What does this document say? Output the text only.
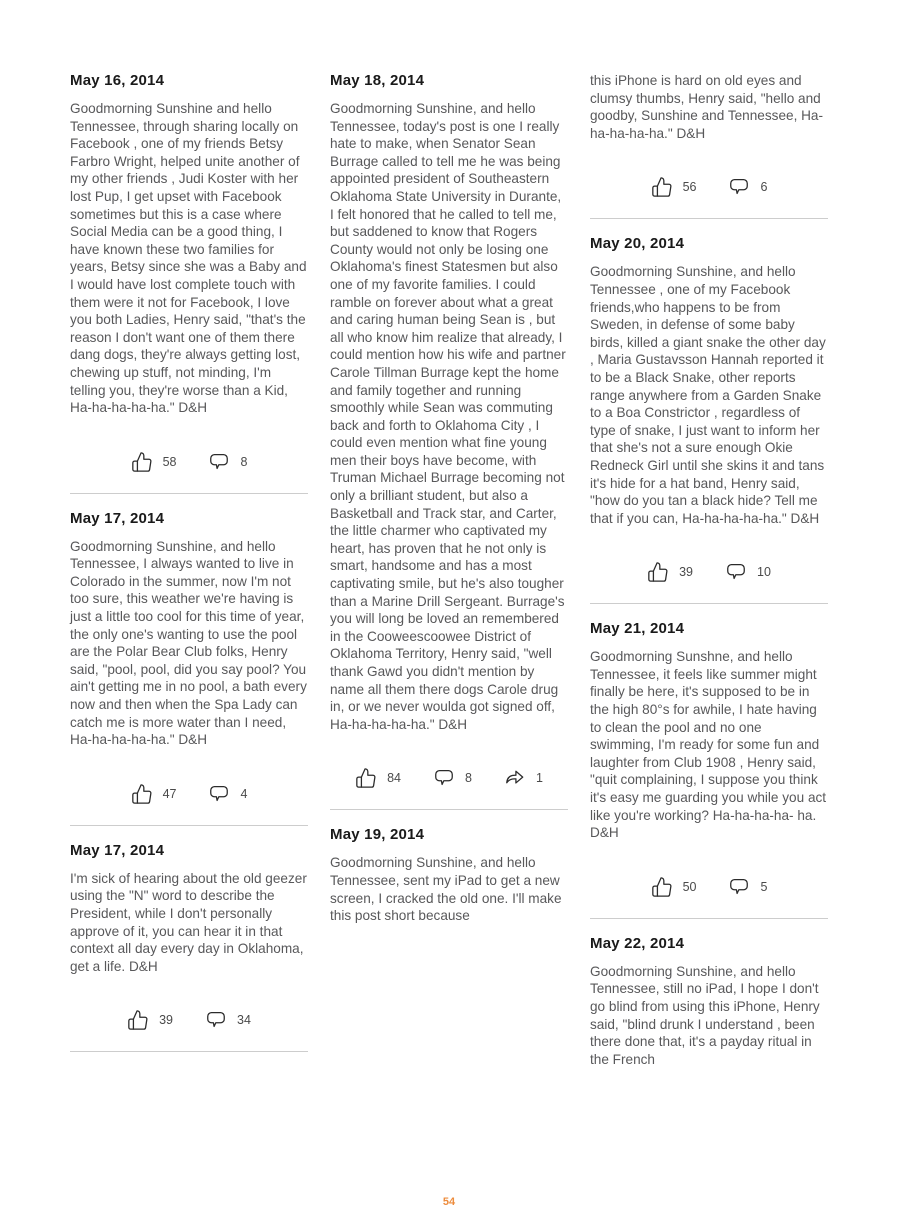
May 16, 2014

Goodmorning Sunshine and hello Tennessee, through sharing locally on Facebook , one of my friends Betsy Farbro Wright, helped unite another of my other friends , Judi Koster with her lost Pup, I get upset with Facebook sometimes but this is a case where Social Media can be a good thing, I have known these two families for years, Betsy since she was a Baby and I would have lost complete touch with them were it not for Facebook, I love you both Ladies, Henry said, "that's the reason I don't want one of them there dang dogs, they're always getting lost, chewing up stuff, not minding, I'm telling you, they're worse than a Kid, Ha-ha-ha-ha-ha." D&H

58	8
May 17, 2014

Goodmorning Sunshine, and hello Tennessee, I always wanted to live in Colorado in the summer, now I'm not too sure, this weather we're having is just a little too cool for this time of year, the only one's wanting to use the pool are the Polar Bear Club folks, Henry said, "pool, pool, did you say pool? You ain't getting me in no pool, a bath every now and then when the Spa Lady can catch me is more water than I need, Ha-ha-ha-ha-ha." D&H

47	4
May 17, 2014

I'm sick of hearing about the old geezer using the "N" word to describe the President, while I don't personally approve of it, you can hear it in that context all day every day in Oklahoma, get a life. D&H

39	34
May 18, 2014

Goodmorning Sunshine, and hello Tennessee, today's post is one I really hate to make, when Senator Sean Burrage called to tell me he was being appointed president of Southeastern Oklahoma State University in Durante, I felt honored that he called to tell me, but saddened to know that Rogers County would not only be losing one Oklahoma's finest Statesmen but also one of my favorite families. I could ramble on forever about what a great and caring human being Sean is , but all who know him realize that already, I could mention how his wife and partner Carole Tillman Burrage kept the home and family together and running smoothly while Sean was commuting back and forth to Oklahoma City , I could even mention what fine young men their boys have become, with Truman Michael Burrage becoming not only a brilliant student, but also a Basketball and Track star, and Carter, the little charmer who captivated my heart, has proven that he not only is smart, handsome and has a most captivating smile, but he's also tougher than a Marine Drill Sergeant. Burrage's you will long be loved an remembered in the Cooweescoowee District of Oklahoma Territory, Henry said, "well thank Gawd you didn't mention by name all them there dogs Carole drug in, or we never woulda got signed off, Ha-ha-ha-ha-ha." D&H

84	8	1
May 19, 2014

Goodmorning Sunshine, and hello Tennessee, sent my iPad to get a new screen, I cracked the old one. I'll make this post short because

this iPhone is hard on old eyes and clumsy thumbs, Henry said, "hello and goodby, Sunshine and Tennessee, Ha-ha-ha-ha-ha." D&H

56	6
May 20, 2014

Goodmorning Sunshine, and hello Tennessee , one of my Facebook friends,who happens to be from Sweden, in defense of some baby birds, killed a giant snake the other day , Maria Gustavsson Hannah reported it to be a Black Snake, other reports range anywhere from a Garden Snake to a Boa Constrictor , regardless of type of snake, I just want to inform her that she's not a sure enough Okie Redneck Girl until she skins it and tans it's hide for a hat band, Henry said, "how do you tan a black hide? Tell me that if you can, Ha-ha-ha-ha-ha." D&H

39	10
May 21, 2014

Goodmorning Sunshne, and hello Tennessee, it feels like summer might finally be here, it's supposed to be in the high 80°s for awhile, I hate having to clean the pool and no one swimming, I'm ready for some fun and laughter from Club 1908 , Henry said, "quit complaining, I suppose you think it's easy me guarding you while you act like you're working? Ha-ha-ha-ha- ha. D&H

50	5
May 22, 2014

Goodmorning Sunshine, and hello Tennessee, still no iPad, I hope I don't go blind from using this iPhone, Henry said, "blind drunk I understand , been there done that, it's a payday ritual in the French

54
